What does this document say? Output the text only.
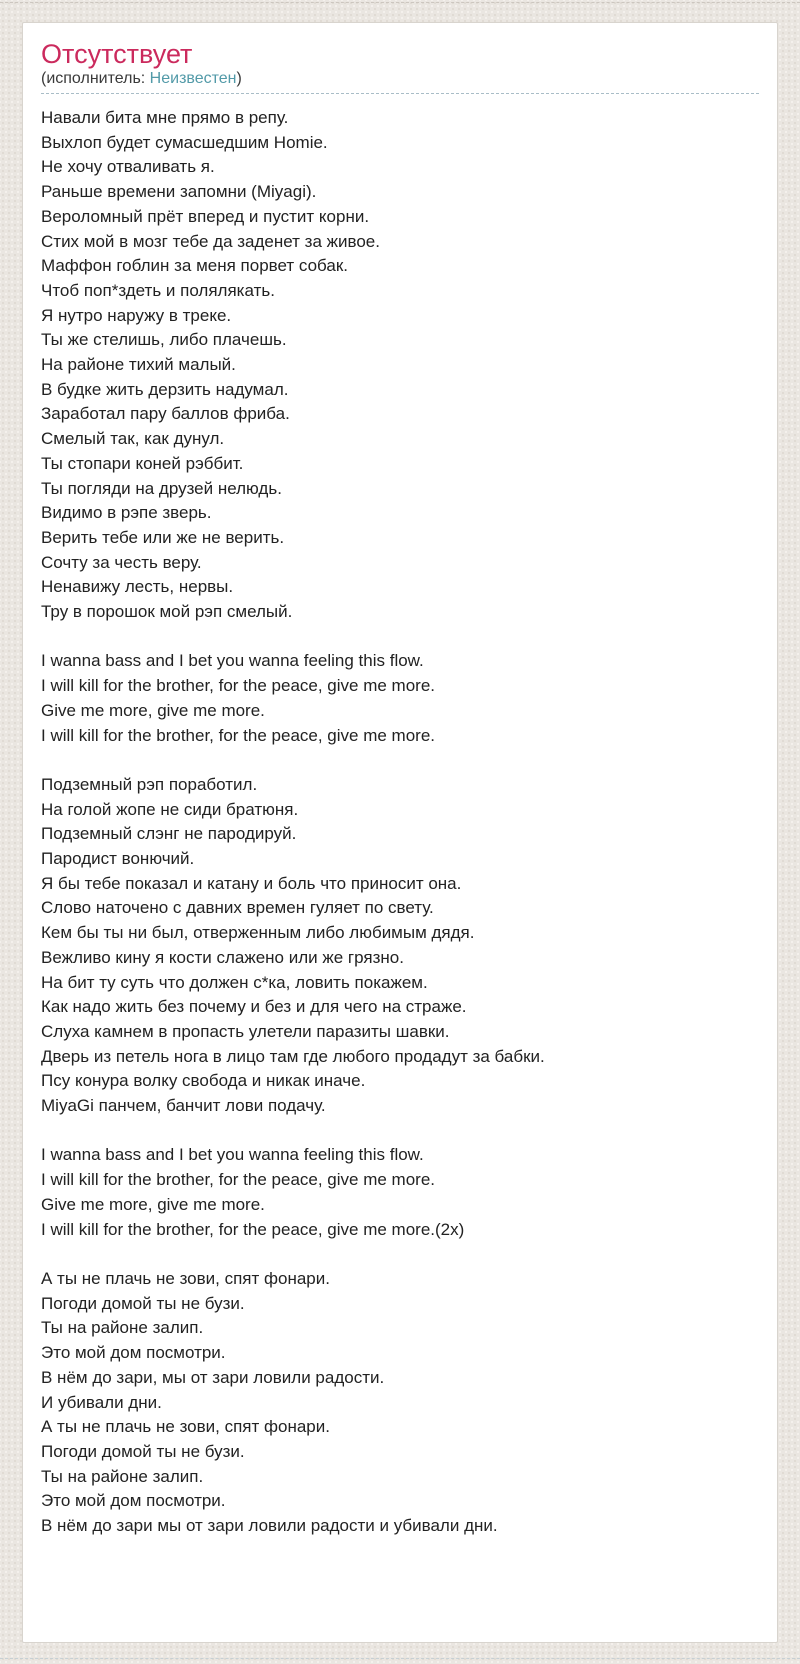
Отсутствует
(исполнитель: Неизвестен)
Навали бита мне прямо в репу.
Выхлоп будет сумасшедшим Homie.
Не хочу отваливать я.
Раньше времени запомни (Miyagi).
Вероломный прёт вперед и пустит корни.
Стих мой в мозг тебе да заденет за живое.
Маффон гоблин за меня порвет собак.
Чтоб поп*здеть и полялякать.
Я нутро наружу в треке.
Ты же стелишь, либо плачешь.
На районе тихий малый.
В будке жить дерзить надумал.
Заработал пару баллов фриба.
Смелый так, как дунул.
Ты стопари коней рэббит.
Ты погляди на друзей нелюдь.
Видимо в рэпе зверь.
Верить тебе или же не верить.
Сочту за честь веру.
Ненавижу лесть, нервы.
Тру в порошок мой рэп смелый.
I wanna bass and I bet you wanna feeling this flow.
I will kill for the brother, for the peace, give me more.
Give me more, give me more.
I will kill for the brother, for the peace, give me more.
Подземный рэп поработил.
На голой жопе не сиди братюня.
Подземный слэнг не пародируй.
Пародист вонючий.
Я бы тебе показал и катану и боль что приносит она.
Слово наточено с давних времен гуляет по свету.
Кем бы ты ни был, отверженным либо любимым дядя.
Вежливо кину я кости слажено или же грязно.
На бит ту суть что должен с*ка, ловить покажем.
Как надо жить без почему и без и для чего на страже.
Слуха камнем в пропасть улетели паразиты шавки.
Дверь из петель нога в лицо там где любого продадут за бабки.
Псу конура волку свобода и никак иначе.
MiyaGi панчем, банчит лови подачу.
I wanna bass and I bet you wanna feeling this flow.
I will kill for the brother, for the peace, give me more.
Give me more, give me more.
I will kill for the brother, for the peace, give me more.(2x)
А ты не плачь не зови, спят фонари.
Погоди домой ты не бузи.
Ты на районе залип.
Это мой дом посмотри.
В нём до зари, мы от зари ловили радости.
И убивали дни.
А ты не плачь не зови, спят фонари.
Погоди домой ты не бузи.
Ты на районе залип.
Это мой дом посмотри.
В нём до зари мы от зари ловили радости и убивали дни.
